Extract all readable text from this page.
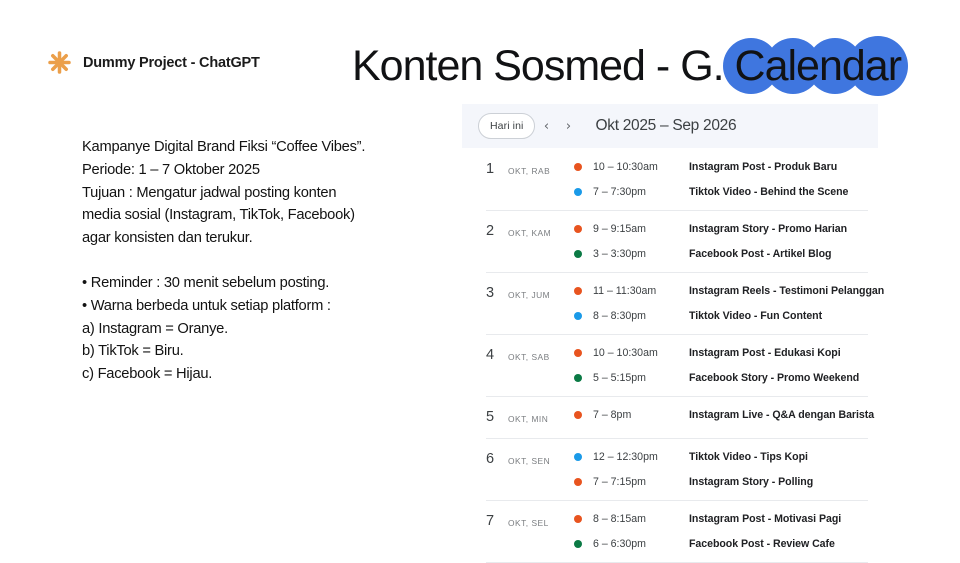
Dummy Project - ChatGPT Konten Sosmed - G. Calendar

Kampanye Digital Brand Fiksi “Coffee Vibes”.

Periode: 1 – 7 Oktober 2025

Tujuan : Mengatur jadwal posting konten

media sosial (Instagram, TikTok, Facebook)

agar konsisten dan terukur.

• Reminder : 30 menit sebelum posting.

• Warna berbeda untuk setiap platform :

a) Instagram = Oranye.

b) TikTok = Biru.

c) Facebook = Hijau.

Hari ini	‹	›	Okt 2025 – Sep 2026
1	OKT, RAB	10 – 10:30am	Instagram Post - Produk Baru
7 – 7:30pm	Tiktok Video - Behind the Scene
2	OKT, KAM	9 – 9:15am	Instagram Story - Promo Harian
3 – 3:30pm	Facebook Post - Artikel Blog
3	OKT, JUM	11 – 11:30am	Instagram Reels - Testimoni Pelanggan
8 – 8:30pm	Tiktok Video - Fun Content
4	OKT, SAB	10 – 10:30am	Instagram Post - Edukasi Kopi
5 – 5:15pm	Facebook Story - Promo Weekend
5	OKT, MIN	7 – 8pm	Instagram Live - Q&A dengan Barista
6	OKT, SEN	12 – 12:30pm	Tiktok Video - Tips Kopi
7 – 7:15pm	Instagram Story - Polling
7	OKT, SEL	8 – 8:15am	Instagram Post - Motivasi Pagi
6 – 6:30pm	Facebook Post - Review Cafe
